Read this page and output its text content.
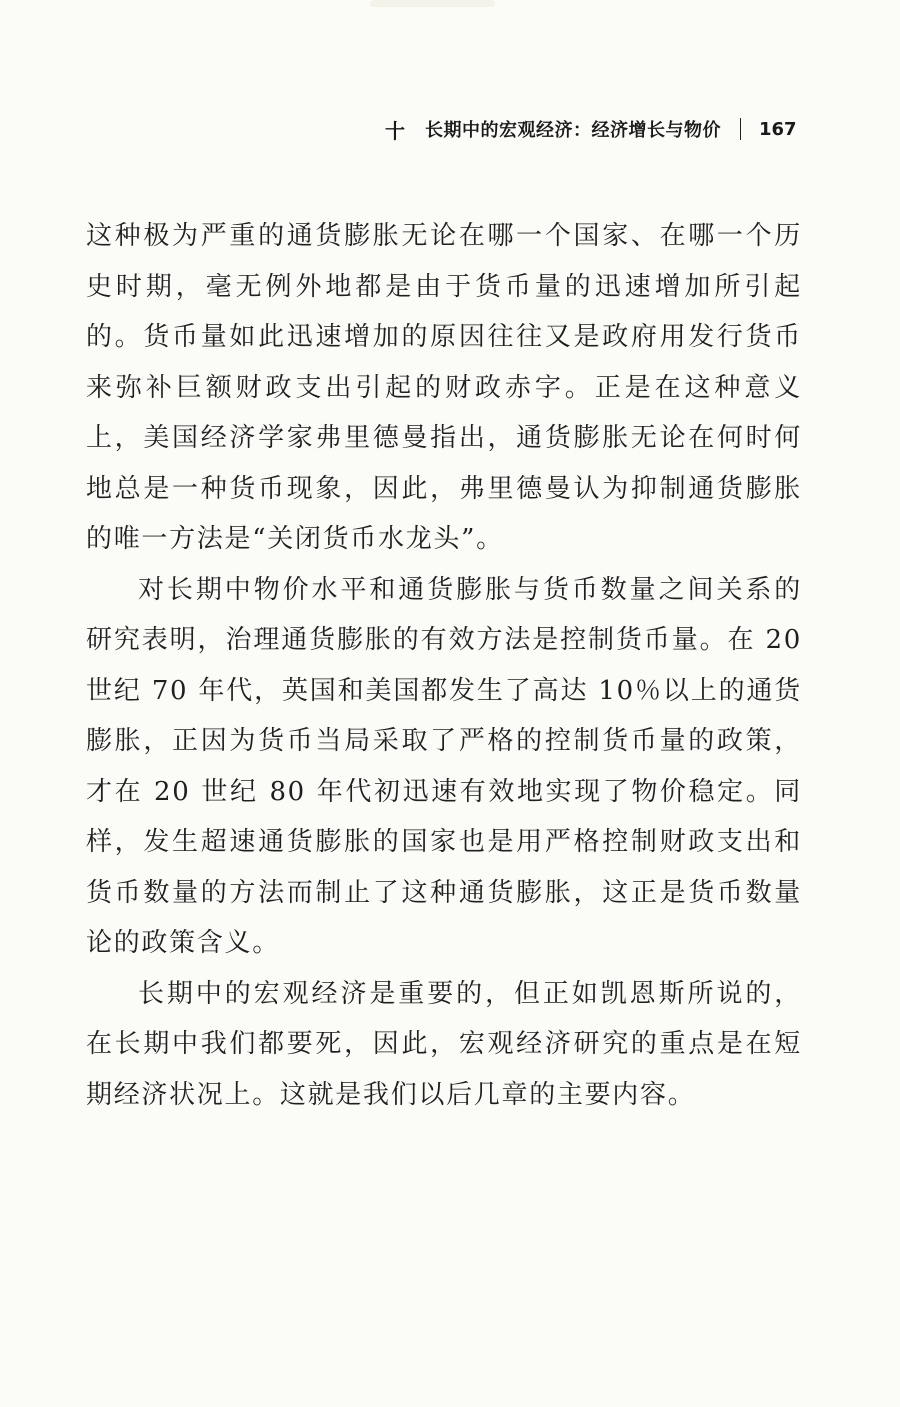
十	长期中的宏观经济：经济增长与物价 167

这种极为严重的通货膨胀无论在哪一个国家、在哪一个历史时期，毫无例外地都是由于货币量的迅速增加所引起的。货币量如此迅速增加的原因往往又是政府用发行货币来弥补巨额财政支出引起的财政赤字。正是在这种意义上，美国经济学家弗里德曼指出，通货膨胀无论在何时何地总是一种货币现象，因此，弗里德曼认为抑制通货膨胀的唯一方法是“关闭货币水龙头”。

对长期中物价水平和通货膨胀与货币数量之间关系的研究表明，治理通货膨胀的有效方法是控制货币量。在 20 世纪 70 年代，英国和美国都发生了高达 10％以上的通货膨胀，正因为货币当局采取了严格的控制货币量的政策，才在 20 世纪 80 年代初迅速有效地实现了物价稳定。同样，发生超速通货膨胀的国家也是用严格控制财政支出和货币数量的方法而制止了这种通货膨胀，这正是货币数量论的政策含义。

长期中的宏观经济是重要的，但正如凯恩斯所说的，在长期中我们都要死，因此，宏观经济研究的重点是在短期经济状况上。这就是我们以后几章的主要内容。
